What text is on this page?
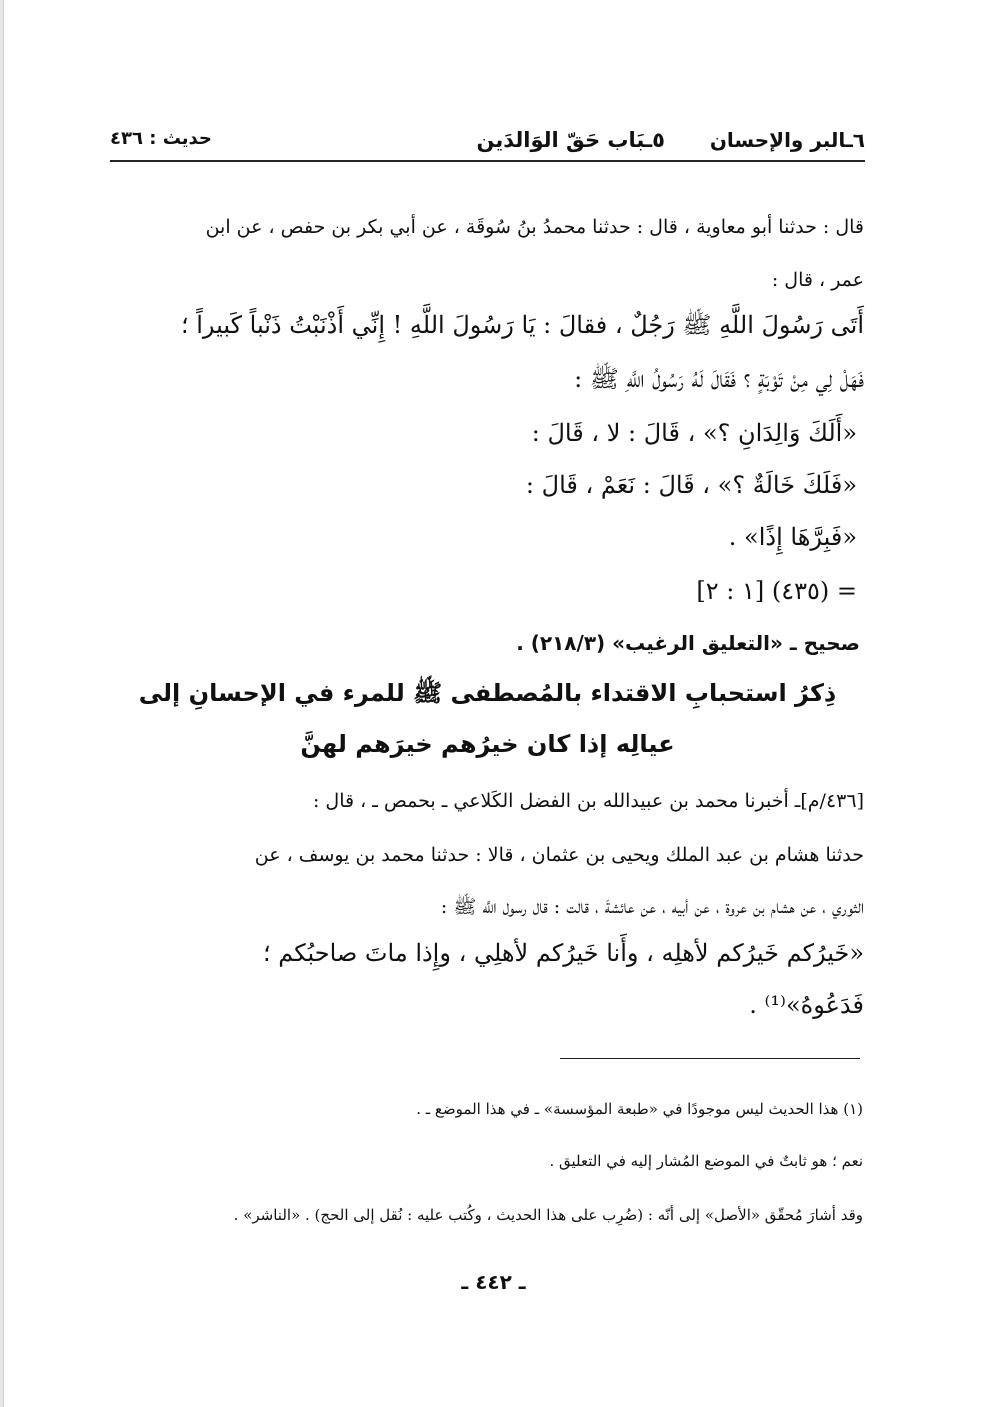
٦ـالبر والإحسان
٥ـبَاب حَقّ الوَالدَين
حديث : ٤٣٦
قال : حدثنا أبو معاوية ، قال : حدثنا محمدُ بنُ سُوقَة ، عن أبي بكر بن حفص ، عن ابن
عمر ، قال :
أَتَى رَسُولَ اللَّهِ ﷺ رَجُلٌ ، فقالَ : يَا رَسُولَ اللَّهِ ! إِنِّي أَذْنَبْتُ ذَنْباً كَبيراً ؛
فَهَلْ لِي مِنْ تَوْبَةٍ ؟ فَقَالَ لَهُ رَسُولُ اللَّهِ ﷺ :
«أَلَكَ وَالِدَانِ ؟» ، قَالَ : لا ، قَالَ :
«فَلَكَ خَالَةٌ ؟» ، قَالَ : نَعَمْ ، قَالَ :
«فَبِرَّهَا إِذًا» .
= (٤٣٥) [١ : ٢]
صحيح ـ «التعليق الرغيب» (٢١٨/٣) .
ذِكرُ استحبابِ الاقتداء بالمُصطفى ﷺ للمرء في الإحسانِ إلى
عيالِه إذا كان خيرُهم خيرَهم لهنَّ
[٤٣٦/م]ـ أخبرنا محمد بن عبيدالله بن الفضل الكَلاعي ـ بحمص ـ ، قال :
حدثنا هشام بن عبد الملك ويحيى بن عثمان ، قالا : حدثنا محمد بن يوسف ، عن
الثوري ، عن هشام بن عروة ، عن أبيه ، عن عائشةَ ، قالت : قال رسول اللَّه ﷺ :
«خَيرُكم خَيرُكم لأهلِه ، وأَنا خَيرُكم لأهلِي ، وإِذا ماتَ صاحبُكم ؛
فَدَعُوهُ»⁽¹⁾ .
(١) هذا الحديث ليس موجودًا في «طبعة المؤسسة» ـ في هذا الموضع ـ .
نعم ؛ هو ثابتٌ في الموضع المُشار إليه في التعليق .
وقد أشارَ مُحقّق «الأصل» إلى أنّه : (ضُرِب على هذا الحديث ، وكُتب عليه : نُقل إلى الحج) . «الناشر» .
ـ ٤٤٢ ـ
